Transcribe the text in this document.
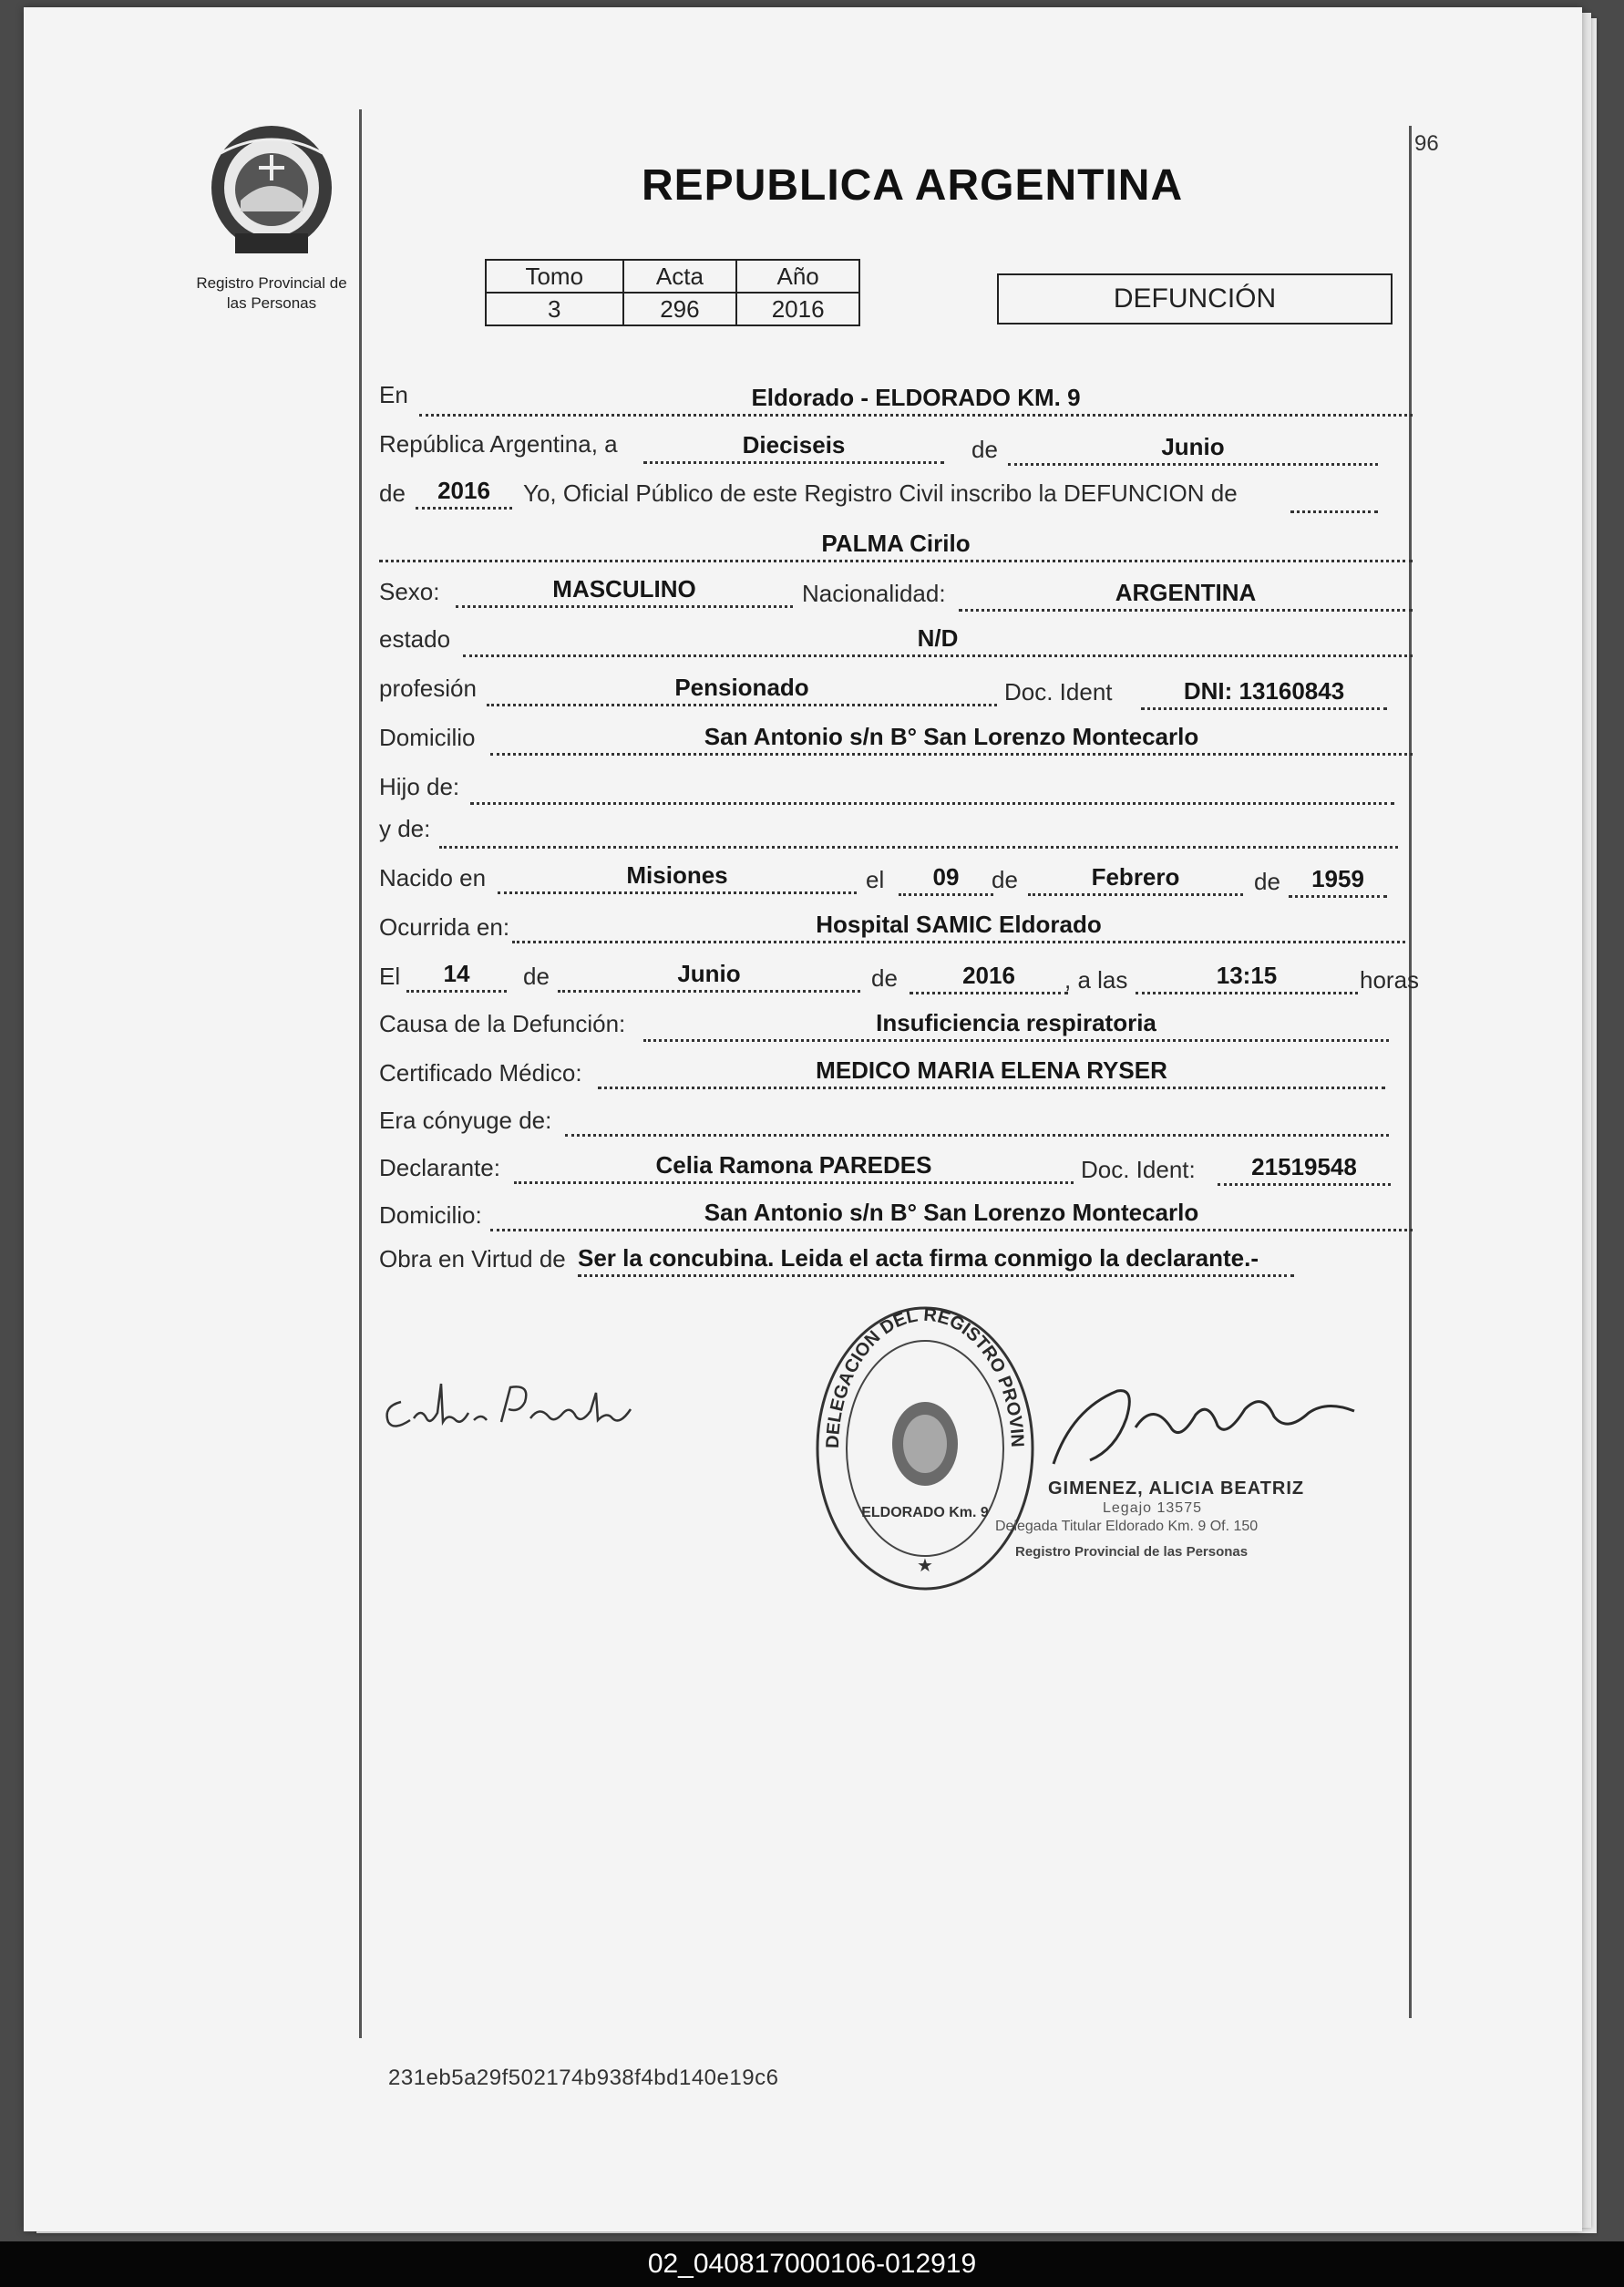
96
Registro Provincial de
las Personas
REPUBLICA ARGENTINA
Tomo	Acta	Año
3	296	2016	DEFUNCIÓN
En	Eldorado - ELDORADO KM. 9
República Argentina, a	Dieciseis	de	Junio
de	2016	Yo, Oficial Público de este Registro Civil inscribo la DEFUNCION de
PALMA Cirilo
Sexo:	MASCULINO	Nacionalidad:	ARGENTINA
estado	N/D
profesión	Pensionado	Doc. Ident	DNI: 13160843
Domicilio	San Antonio s/n B° San Lorenzo Montecarlo
Hijo de:
y de:
Nacido en	Misiones	el	09	de	Febrero	de	1959
Ocurrida en:	Hospital SAMIC Eldorado
El	14	de	Junio	de	2016	, a las	13:15	horas
Causa de la Defunción:	Insuficiencia respiratoria
Certificado Médico:	MEDICO MARIA ELENA RYSER
Era cónyuge de:
Declarante:	Celia Ramona PAREDES	Doc. Ident:	21519548
Domicilio:	San Antonio s/n B° San Lorenzo Montecarlo
Obra en Virtud de Ser la concubina. Leida el acta firma conmigo la declarante.-
DELEGACION DEL REGISTRO PROVIN
ELDORADO Km. 9
★
GIMENEZ, ALICIA BEATRIZ
Legajo 13575
Delegada Titular Eldorado Km. 9 Of. 150
Registro Provincial de las Personas
231eb5a29f502174b938f4bd140e19c6
02_040817000106-012919
